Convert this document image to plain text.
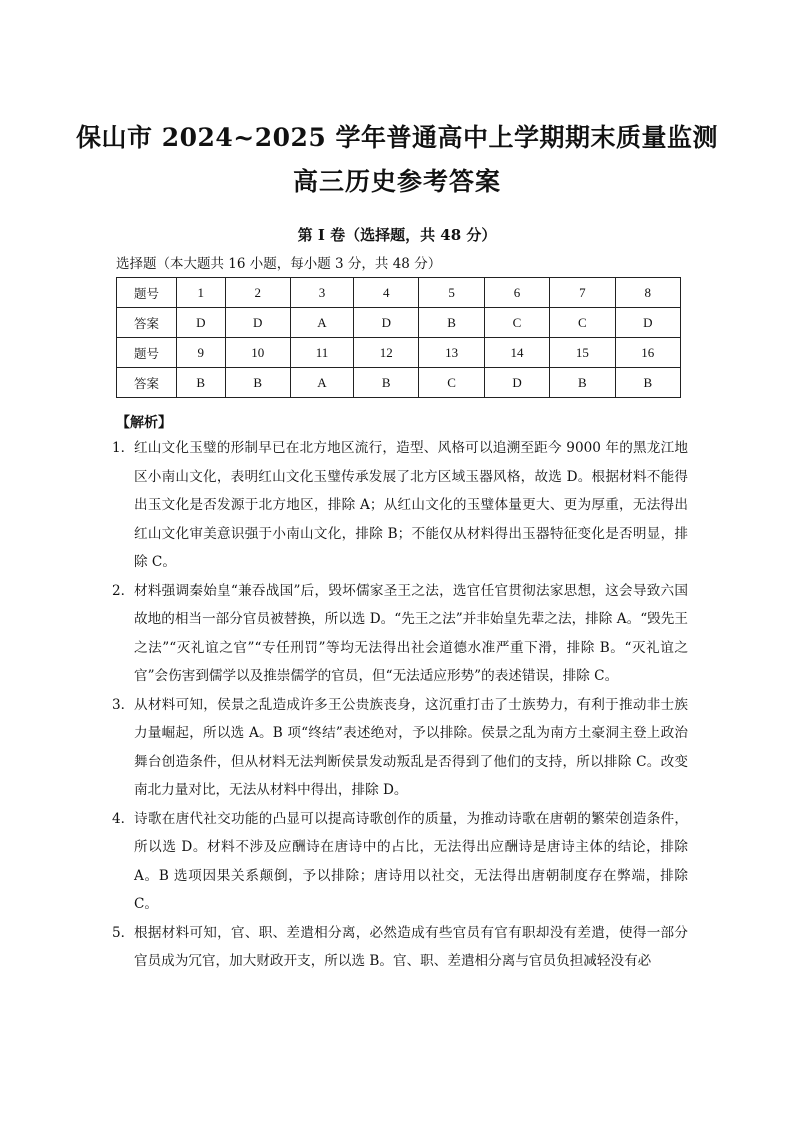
保山市 2024~2025 学年普通高中上学期期末质量监测
高三历史参考答案
第 I 卷（选择题，共 48 分）
选择题（本大题共 16 小题，每小题 3 分，共 48 分）
题号	1	2	3	4	5	6	7	8
答案	D	D	A	D	B	C	C	D
题号	9	10	11	12	13	14	15	16
答案	B	B	A	B	C	D	B	B
【解析】
1． 红山文化玉璧的形制早已在北方地区流行，造型、风格可以追溯至距今 9000 年的黑龙江地区小南山文化，表明红山文化玉璧传承发展了北方区域玉器风格，故选 D。根据材料不能得出玉文化是否发源于北方地区，排除 A；从红山文化的玉璧体量更大、更为厚重，无法得出红山文化审美意识强于小南山文化，排除 B；不能仅从材料得出玉器特征变化是否明显，排除 C。

2． 材料强调秦始皇“兼吞战国”后，毁坏儒家圣王之法，选官任官贯彻法家思想，这会导致六国故地的相当一部分官员被替换，所以选 D。“先王之法”并非始皇先辈之法，排除 A。“毁先王之法”“灭礼谊之官”“专任刑罚”等均无法得出社会道德水准严重下滑，排除 B。“灭礼谊之官”会伤害到儒学以及推崇儒学的官员，但“无法适应形势”的表述错误，排除 C。

3． 从材料可知，侯景之乱造成许多王公贵族丧身，这沉重打击了士族势力，有利于推动非士族力量崛起，所以选 A。B 项“终结”表述绝对，予以排除。侯景之乱为南方土豪洞主登上政治舞台创造条件，但从材料无法判断侯景发动叛乱是否得到了他们的支持，所以排除 C。改变南北力量对比，无法从材料中得出，排除 D。

4． 诗歌在唐代社交功能的凸显可以提高诗歌创作的质量，为推动诗歌在唐朝的繁荣创造条件，所以选 D。材料不涉及应酬诗在唐诗中的占比，无法得出应酬诗是唐诗主体的结论，排除 A。B 选项因果关系颠倒，予以排除；唐诗用以社交，无法得出唐朝制度存在弊端，排除 C。

5． 根据材料可知，官、职、差遣相分离，必然造成有些官员有官有职却没有差遣，使得一部分官员成为冗官，加大财政开支，所以选 B。官、职、差遣相分离与官员负担减轻没有必
